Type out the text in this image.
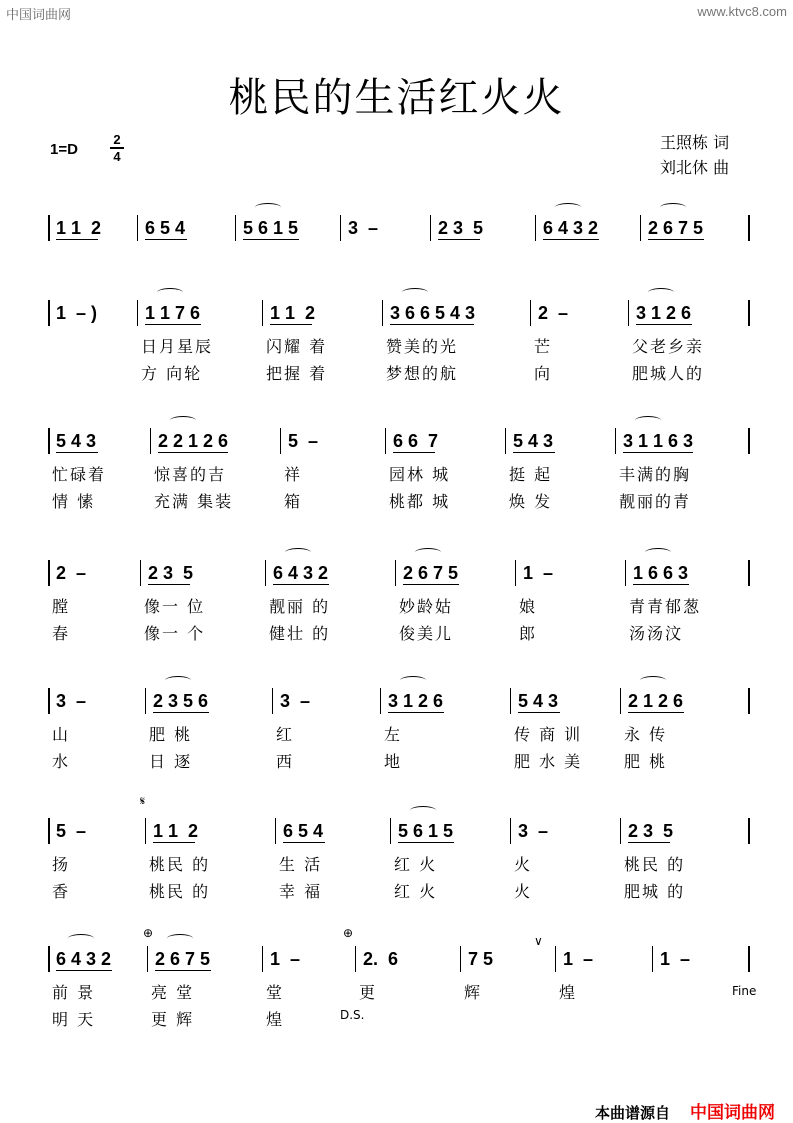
中国词曲网	www.ktvc8.com
桃民的生活红火火
1=D
2
4
王照栋 词
刘北休 曲
1 1  2	6 5 4	5 6 1 5	3  –	2 3  5	6 4 3 2	2 6 7 5
1  – )	1 1 7 6	1 1  2	3 6 6 5 4 3	2  –	3 1 2 6
日月星辰	闪耀 着	赞美的光	芒	父老乡亲
方 向轮	把握 着	梦想的航	向	肥城人的
5 4 3	2 2 1 2 6	5  –	6 6  7	5 4 3	3 1 1 6 3
忙碌着	惊喜的吉	祥	园林 城	挺 起	丰满的胸
情 愫	充满 集装	箱	桃都 城	焕 发	靓丽的青
2  –	2 3  5	6 4 3 2	2 6 7 5	1  –	1 6 6 3
膛	像一 位	靓丽 的	妙龄姑	娘	青青郁葱
春	像一 个	健壮 的	俊美儿	郎	汤汤汶
3  –	2 3 5 6	3  –	3 1 2 6	5 4 3	2 1 2 6
山	肥 桃	红	左	传 商 训	永 传
水	日 逐	西	地	肥 水 美	肥 桃
5  –	1 1  2	6 5 4	5 6 1 5	3  –	2 3  5
扬	桃民 的	生 活	红 火	火	桃民 的
香	桃民 的	幸 福	红 火	火	肥城 的
6 4 3 2	2 6 7 5	1  –	2.  6	7 5	1  –	1  –
前 景	亮 堂	堂	更	辉	煌
明 天	更 辉	煌
𝄋
⊕	⊕
∨
Fine
D.S.
本曲谱源自 中国词曲网
